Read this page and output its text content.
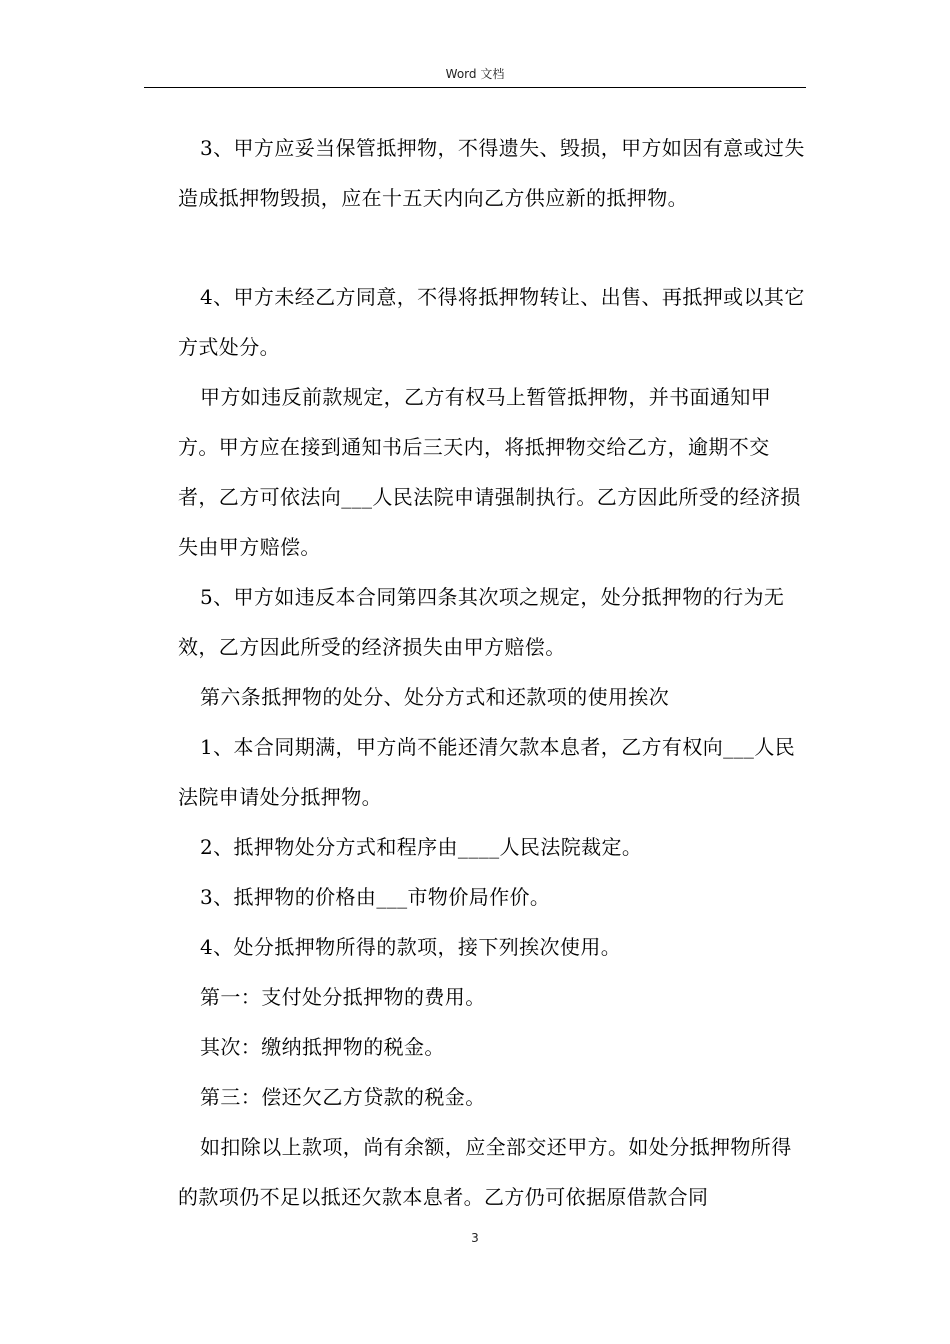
Word 文档

3、甲方应妥当保管抵押物，不得遗失、毁损，甲方如因有意或过失造成抵押物毁损，应在十五天内向乙方供应新的抵押物。

4、甲方未经乙方同意，不得将抵押物转让、出售、再抵押或以其它方式处分。

甲方如违反前款规定，乙方有权马上暂管抵押物，并书面通知甲方。甲方应在接到通知书后三天内，将抵押物交给乙方，逾期不交者，乙方可依法向___人民法院申请强制执行。乙方因此所受的经济损失由甲方赔偿。

5、甲方如违反本合同第四条其次项之规定，处分抵押物的行为无效，乙方因此所受的经济损失由甲方赔偿。

第六条抵押物的处分、处分方式和还款项的使用挨次

1、本合同期满，甲方尚不能还清欠款本息者，乙方有权向___人民法院申请处分抵押物。

2、抵押物处分方式和程序由____人民法院裁定。

3、抵押物的价格由___市物价局作价。

4、处分抵押物所得的款项，接下列挨次使用。

第一：支付处分抵押物的费用。

其次：缴纳抵押物的税金。

第三：偿还欠乙方贷款的税金。

如扣除以上款项，尚有余额，应全部交还甲方。如处分抵押物所得的款项仍不足以抵还欠款本息者。乙方仍可依据原借款合同

3
